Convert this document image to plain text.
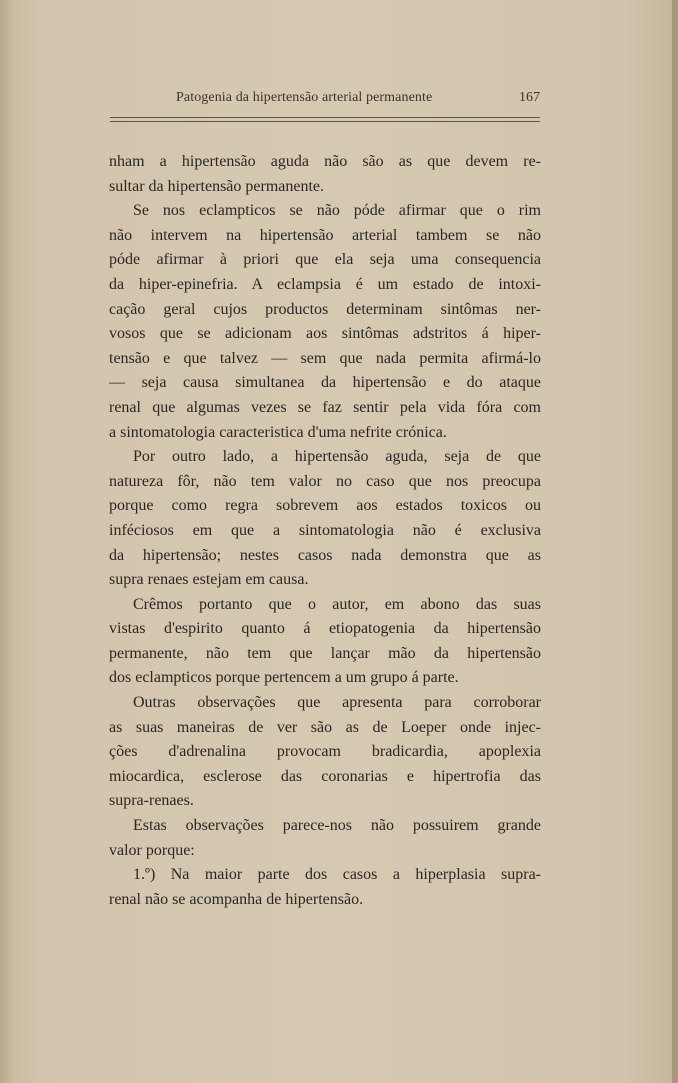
Patogenia da hipertensão arterial permanente	167
nham a hipertensão aguda não são as que devem re-
sultar da hipertensão permanente.
Se nos eclampticos se não póde afirmar que o rim
não intervem na hipertensão arterial tambem se não
póde afirmar à priori que ela seja uma consequencia
da hiper-epinefria. A eclampsia é um estado de intoxi-
cação geral cujos productos determinam sintômas ner-
vosos que se adicionam aos sintômas adstritos á hiper-
tensão e que talvez — sem que nada permita afirmá-lo
— seja causa simultanea da hipertensão e do ataque
renal que algumas vezes se faz sentir pela vida fóra com
a sintomatologia caracteristica d'uma nefrite crónica.
Por outro lado, a hipertensão aguda, seja de que
natureza fôr, não tem valor no caso que nos preocupa
porque como regra sobrevem aos estados toxicos ou
inféciosos em que a sintomatologia não é exclusiva
da hipertensão; nestes casos nada demonstra que as
supra renaes estejam em causa.
Crêmos portanto que o autor, em abono das suas
vistas d'espirito quanto á etiopatogenia da hipertensão
permanente, não tem que lançar mão da hipertensão
dos eclampticos porque pertencem a um grupo á parte.
Outras observações que apresenta para corroborar
as suas maneiras de ver são as de Loeper onde injec-
ções d'adrenalina provocam bradicardia, apoplexia
miocardica, esclerose das coronarias e hipertrofia das
supra-renaes.
Estas observações parece-nos não possuirem grande
valor porque:
1.º) Na maior parte dos casos a hiperplasia supra-
renal não se acompanha de hipertensão.
